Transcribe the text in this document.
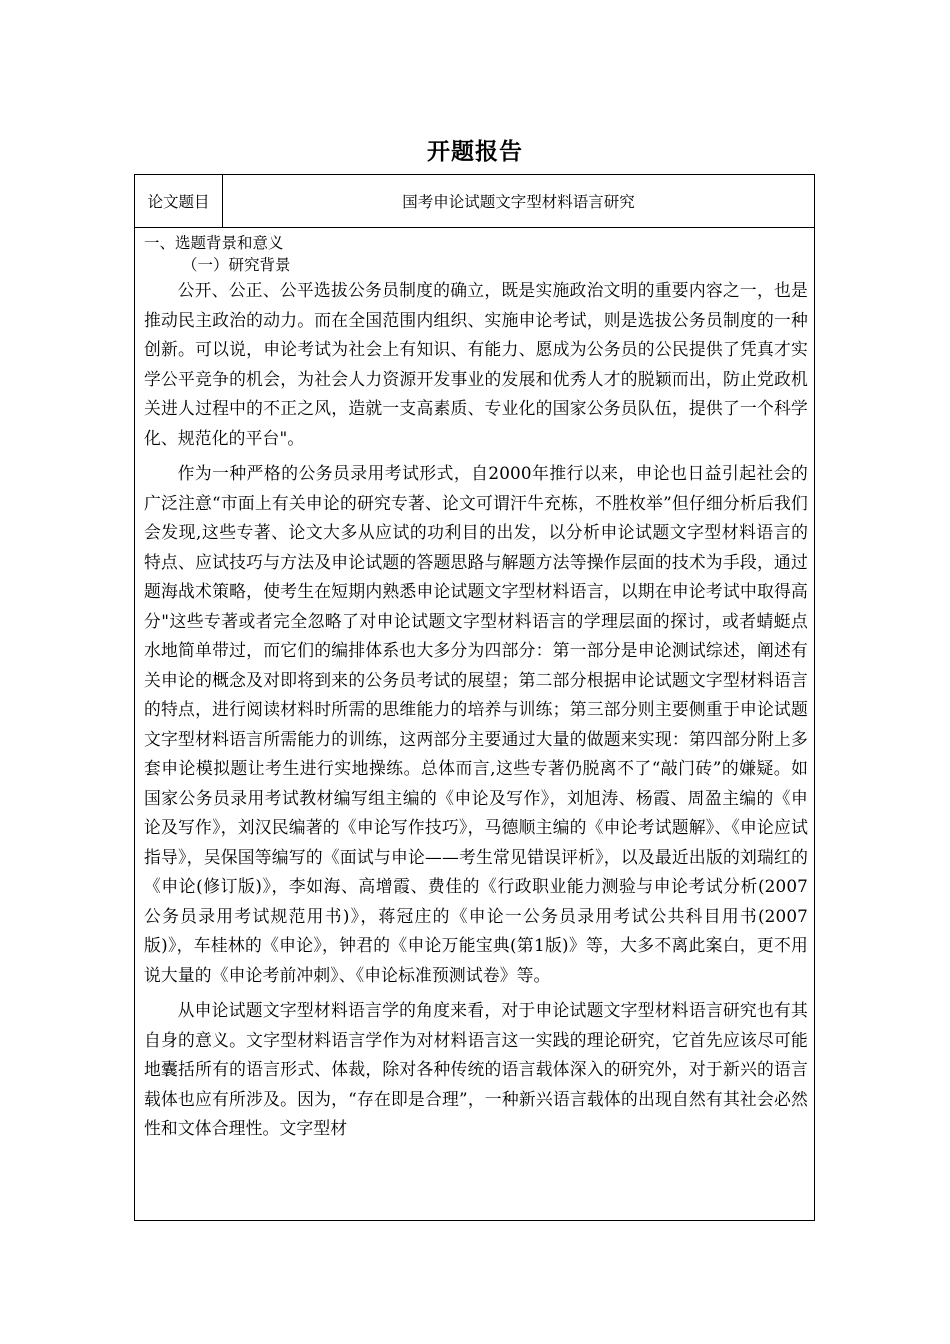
开题报告
论文题目	国考申论试题文字型材料语言研究

一、选题背景和意义

（一）研究背景

公开、公正、公平选拔公务员制度的确立，既是实施政治文明的重要内容之一，也是推动民主政治的动力。而在全国范围内组织、实施申论考试，则是选拔公务员制度的一种创新。可以说，申论考试为社会上有知识、有能力、愿成为公务员的公民提供了凭真才实学公平竞争的机会，为社会人力资源开发事业的发展和优秀人才的脱颖而出，防止党政机关进人过程中的不正之风，造就一支高素质、专业化的国家公务员队伍，提供了一个科学化、规范化的平台"。

作为一种严格的公务员录用考试形式，自2000年推行以来，申论也日益引起社会的广泛注意“市面上有关申论的研究专著、论文可谓汗牛充栋，不胜枚举”但仔细分析后我们会发现,这些专著、论文大多从应试的功利目的出发，以分析申论试题文字型材料语言的特点、应试技巧与方法及申论试题的答题思路与解题方法等操作层面的技术为手段，通过题海战术策略，使考生在短期内熟悉申论试题文字型材料语言，以期在申论考试中取得高分"这些专著或者完全忽略了对申论试题文字型材料语言的学理层面的探讨，或者蜻蜓点水地简单带过，而它们的编排体系也大多分为四部分：第一部分是申论测试综述，阐述有关申论的概念及对即将到来的公务员考试的展望；第二部分根据申论试题文字型材料语言的特点，进行阅读材料时所需的思维能力的培养与训练；第三部分则主要侧重于申论试题文字型材料语言所需能力的训练，这两部分主要通过大量的做题来实现：第四部分附上多套申论模拟题让考生进行实地操练。总体而言,这些专著仍脱离不了“敲门砖”的嫌疑。如国家公务员录用考试教材编写组主编的《申论及写作》，刘旭涛、杨霞、周盈主编的《申论及写作》，刘汉民编著的《申论写作技巧》，马德顺主编的《申论考试题解》、《申论应试指导》，吴保国等编写的《面试与申论——考生常见错误评析》，以及最近出版的刘瑞红的《申论(修订版)》，李如海、高增霞、费佳的《行政职业能力测验与申论考试分析(2007公务员录用考试规范用书)》，蒋冠庄的《申论一公务员录用考试公共科目用书(2007版)》，车桂林的《申论》，钟君的《申论万能宝典(第1版)》等，大多不离此案白，更不用说大量的《申论考前冲刺》、《申论标准预测试卷》等。

从申论试题文字型材料语言学的角度来看，对于申论试题文字型材料语言研究也有其自身的意义。文字型材料语言学作为对材料语言这一实践的理论研究，它首先应该尽可能地囊括所有的语言形式、体裁，除对各种传统的语言载体深入的研究外，对于新兴的语言载体也应有所涉及。因为，“存在即是合理”，一种新兴语言载体的出现自然有其社会必然性和文体合理性。文字型材
